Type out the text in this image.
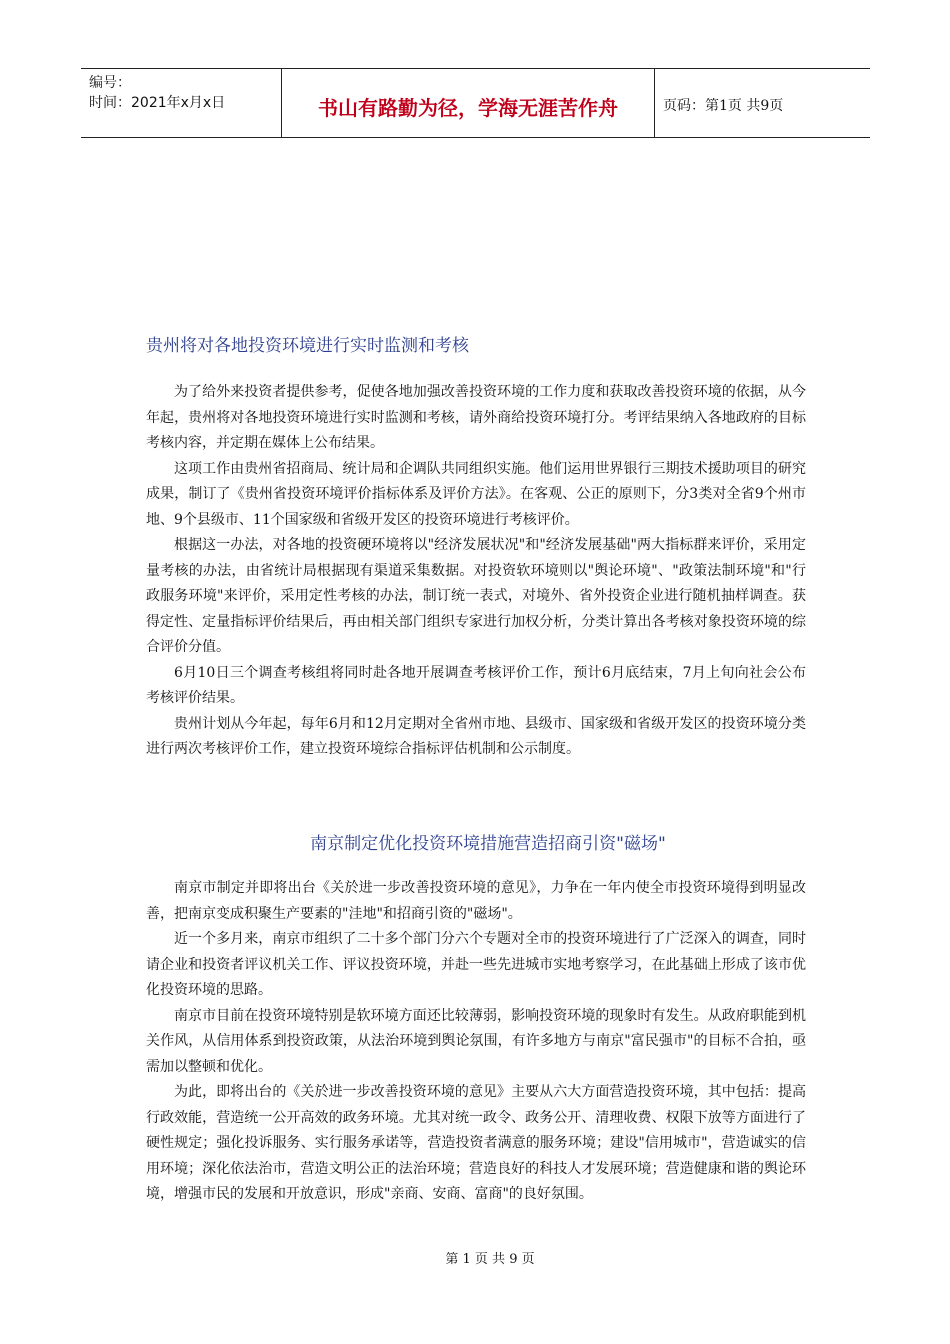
编号：
时间：2021年x月x日	书山有路勤为径，学海无涯苦作舟	页码：第1页 共9页
贵州将对各地投资环境进行实时监测和考核

为了给外来投资者提供参考，促使各地加强改善投资环境的工作力度和获取改善投资环境的依据，从今年起，贵州将对各地投资环境进行实时监测和考核，请外商给投资环境打分。考评结果纳入各地政府的目标考核内容，并定期在媒体上公布结果。

这项工作由贵州省招商局、统计局和企调队共同组织实施。他们运用世界银行三期技术援助项目的研究成果，制订了《贵州省投资环境评价指标体系及评价方法》。在客观、公正的原则下，分3类对全省9个州市地、9个县级市、11个国家级和省级开发区的投资环境进行考核评价。

根据这一办法，对各地的投资硬环境将以"经济发展状况"和"经济发展基础"两大指标群来评价，采用定量考核的办法，由省统计局根据现有渠道采集数据。对投资软环境则以"舆论环境"、"政策法制环境"和"行政服务环境"来评价，采用定性考核的办法，制订统一表式，对境外、省外投资企业进行随机抽样调查。获得定性、定量指标评价结果后，再由相关部门组织专家进行加权分析，分类计算出各考核对象投资环境的综合评价分值。

6月10日三个调查考核组将同时赴各地开展调查考核评价工作，预计6月底结束，7月上旬向社会公布考核评价结果。

贵州计划从今年起，每年6月和12月定期对全省州市地、县级市、国家级和省级开发区的投资环境分类进行两次考核评价工作，建立投资环境综合指标评估机制和公示制度。

南京制定优化投资环境措施营造招商引资"磁场"

南京市制定并即将出台《关於进一步改善投资环境的意见》，力争在一年内使全市投资环境得到明显改善，把南京变成积聚生产要素的"洼地"和招商引资的"磁场"。

近一个多月来，南京市组织了二十多个部门分六个专题对全市的投资环境进行了广泛深入的调查，同时请企业和投资者评议机关工作、评议投资环境，并赴一些先进城市实地考察学习，在此基础上形成了该市优化投资环境的思路。

南京市目前在投资环境特别是软环境方面还比较薄弱，影响投资环境的现象时有发生。从政府职能到机关作风，从信用体系到投资政策，从法治环境到舆论氛围，有许多地方与南京"富民强市"的目标不合拍，亟需加以整顿和优化。

为此，即将出台的《关於进一步改善投资环境的意见》主要从六大方面营造投资环境，其中包括：提高行政效能，营造统一公开高效的政务环境。尤其对统一政令、政务公开、清理收费、权限下放等方面进行了硬性规定；强化投诉服务、实行服务承诺等，营造投资者满意的服务环境；建设"信用城市"，营造诚实的信用环境；深化依法治市，营造文明公正的法治环境；营造良好的科技人才发展环境；营造健康和谐的舆论环境，增强市民的发展和开放意识，形成"亲商、安商、富商"的良好氛围。

第 1 页 共 9 页
